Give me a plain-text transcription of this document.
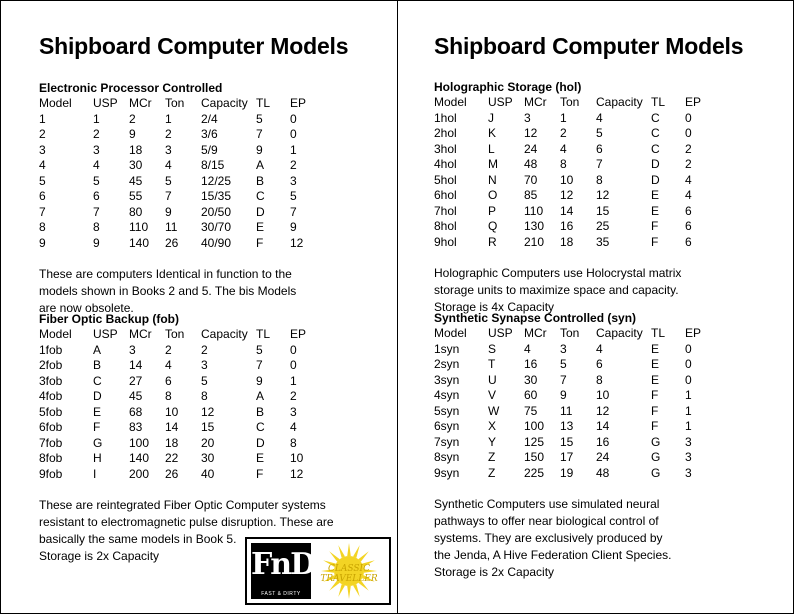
Shipboard Computer Models
Electronic Processor Controlled
Model	USP	MCr	Ton	Capacity	TL	EP
1	1	2	1	2/4	5	0
2	2	9	2	3/6	7	0
3	3	18	3	5/9	9	1
4	4	30	4	8/15	A	2
5	5	45	5	12/25	B	3
6	6	55	7	15/35	C	5
7	7	80	9	20/50	D	7
8	8	110	11	30/70	E	9
9	9	140	26	40/90	F	12

These are computers Identical in function to the

models shown in Books 2 and 5. The bis Models

are now obsolete.

Fiber Optic Backup (fob)
Model	USP	MCr	Ton	Capacity	TL	EP
1fob	A	3	2	2	5	0
2fob	B	14	4	3	7	0
3fob	C	27	6	5	9	1
4fob	D	45	8	8	A	2
5fob	E	68	10	12	B	3
6fob	F	83	14	15	C	4
7fob	G	100	18	20	D	8
8fob	H	140	22	30	E	10
9fob	I	200	26	40	F	12

These are reintegrated Fiber Optic Computer systems

resistant to electromagnetic pulse disruption. These are

basically the same models in Book 5.

Storage is 2x Capacity

Shipboard Computer Models
Holographic Storage (hol)
Model	USP	MCr	Ton	Capacity	TL	EP
1hol	J	3	1	4	C	0
2hol	K	12	2	5	C	0
3hol	L	24	4	6	C	2
4hol	M	48	8	7	D	2
5hol	N	70	10	8	D	4
6hol	O	85	12	12	E	4
7hol	P	110	14	15	E	6
8hol	Q	130	16	25	F	6
9hol	R	210	18	35	F	6

Holographic Computers use Holocrystal matrix

storage units to maximize space and capacity.

Storage is 4x Capacity

Synthetic Synapse Controlled (syn)
Model	USP	MCr	Ton	Capacity	TL	EP
1syn	S	4	3	4	E	0
2syn	T	16	5	6	E	0
3syn	U	30	7	8	E	0
4syn	V	60	9	10	F	1
5syn	W	75	11	12	F	1
6syn	X	100	13	14	F	1
7syn	Y	125	15	16	G	3
8syn	Z	150	17	24	G	3
9syn	Z	225	19	48	G	3

Synthetic Computers use simulated neural

pathways to offer near biological control of

systems. They are exclusively produced by

the Jenda, A Hive Federation Client Species.

Storage is 2x Capacity

FnD
FAST & DIRTY
CLASSIC
TRAVELLER
